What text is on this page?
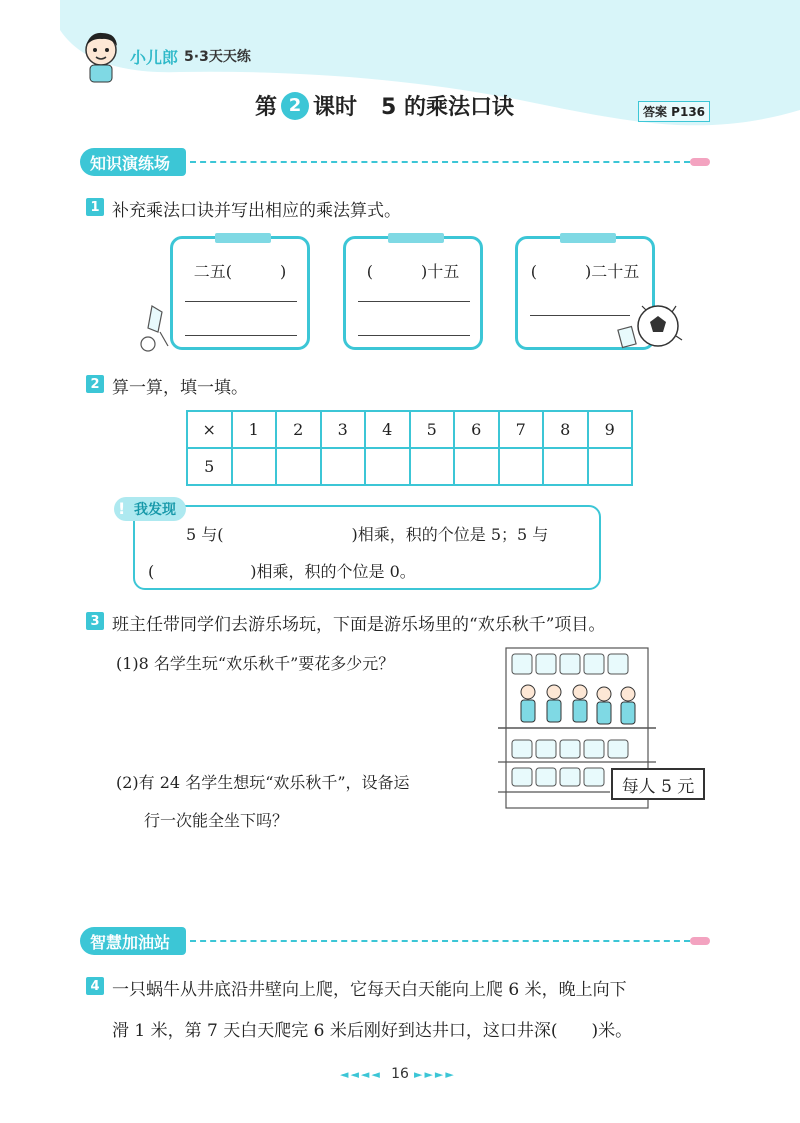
小儿郎 5·3天天练
第 2 课时 5 的乘法口诀	答案 P136
知识演练场
1 补充乘法口诀并写出相应的乘法算式。
二五(　　　)	(　　　)十五	(　　　)二十五
2 算一算，填一填。
×	1	2	3	4	5	6	7	8	9
5									
我发现
!
5 与(　　　　　　　　)相乘，积的个位是 5；5 与
(　　　　　　)相乘，积的个位是 0。
3 班主任带同学们去游乐场玩，下面是游乐场里的“欢乐秋千”项目。
(1)8 名学生玩“欢乐秋千”要花多少元？
(2)有 24 名学生想玩“欢乐秋千”，设备运
行一次能全坐下吗？
每人 5 元
智慧加油站
4 一只蜗牛从井底沿井壁向上爬，它每天白天能向上爬 6 米，晚上向下
滑 1 米，第 7 天白天爬完 6 米后刚好到达井口，这口井深(　　)米。
◄◄◄◄ 16 ►►►►
